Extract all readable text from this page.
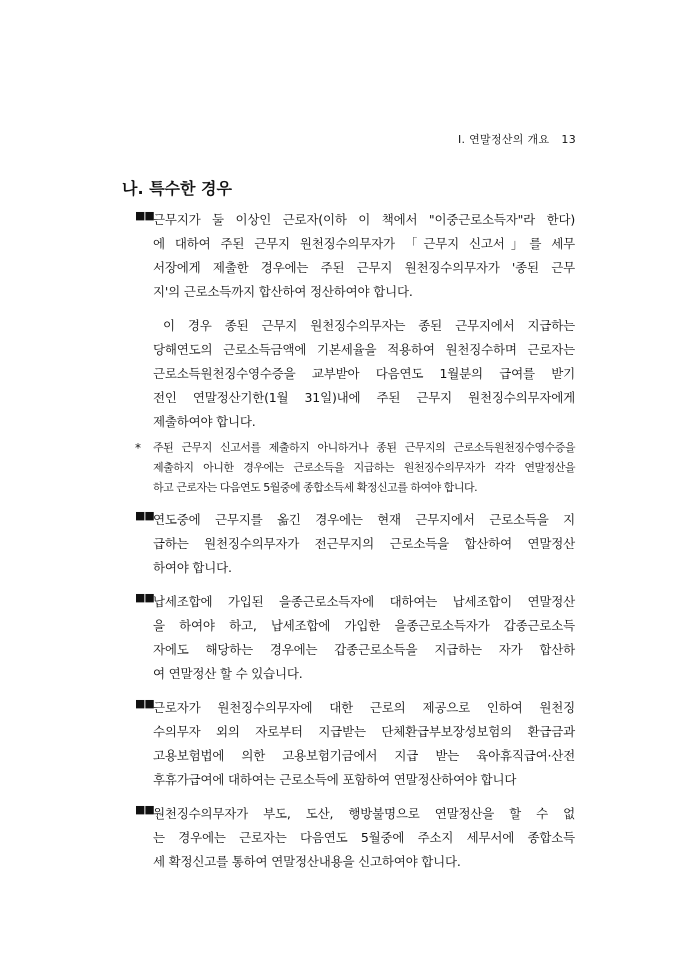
Ⅰ. 연말정산의 개요 13
나. 특수한 경우
■■ 근무지가 둘 이상인 근로자(이하 이 책에서 "이중근로소득자"라 한다)
에 대하여 주된 근무지 원천징수의무자가 「근무지 신고서」를 세무
서장에게 제출한 경우에는 주된 근무지 원천징수의무자가 '종된 근무
지'의 근로소득까지 합산하여 정산하여야 합니다.
이 경우 종된 근무지 원천징수의무자는 종된 근무지에서 지급하는
당해연도의 근로소득금액에 기본세율을 적용하여 원천징수하며 근로자는
근로소득원천징수영수증을 교부받아 다음연도 1월분의 급여를 받기
전인 연말정산기한(1월 31일)내에 주된 근무지 원천징수의무자에게
제출하여야 합니다.
* 주된 근무지 신고서를 제출하지 아니하거나 종된 근무지의 근로소득원천징수영수증을
제출하지 아니한 경우에는 근로소득을 지급하는 원천징수의무자가 각각 연말정산을
하고 근로자는 다음연도 5월중에 종합소득세 확정신고를 하여야 합니다.
■■ 연도중에 근무지를 옮긴 경우에는 현재 근무지에서 근로소득을 지
급하는 원천징수의무자가 전근무지의 근로소득을 합산하여 연말정산
하여야 합니다.
■■ 납세조합에 가입된 을종근로소득자에 대하여는 납세조합이 연말정산
을 하여야 하고, 납세조합에 가입한 을종근로소득자가 갑종근로소득
자에도 해당하는 경우에는 갑종근로소득을 지급하는 자가 합산하
여 연말정산 할 수 있습니다.
■■ 근로자가 원천징수의무자에 대한 근로의 제공으로 인하여 원천징
수의무자 외의 자로부터 지급받는 단체환급부보장성보험의 환급금과
고용보험법에 의한 고용보험기금에서 지급 받는 육아휴직급여·산전
후휴가급여에 대하여는 근로소득에 포함하여 연말정산하여야 합니다
■■ 원천징수의무자가 부도, 도산, 행방불명으로 연말정산을 할 수 없
는 경우에는 근로자는 다음연도 5월중에 주소지 세무서에 종합소득
세 확정신고를 통하여 연말정산내용을 신고하여야 합니다.
